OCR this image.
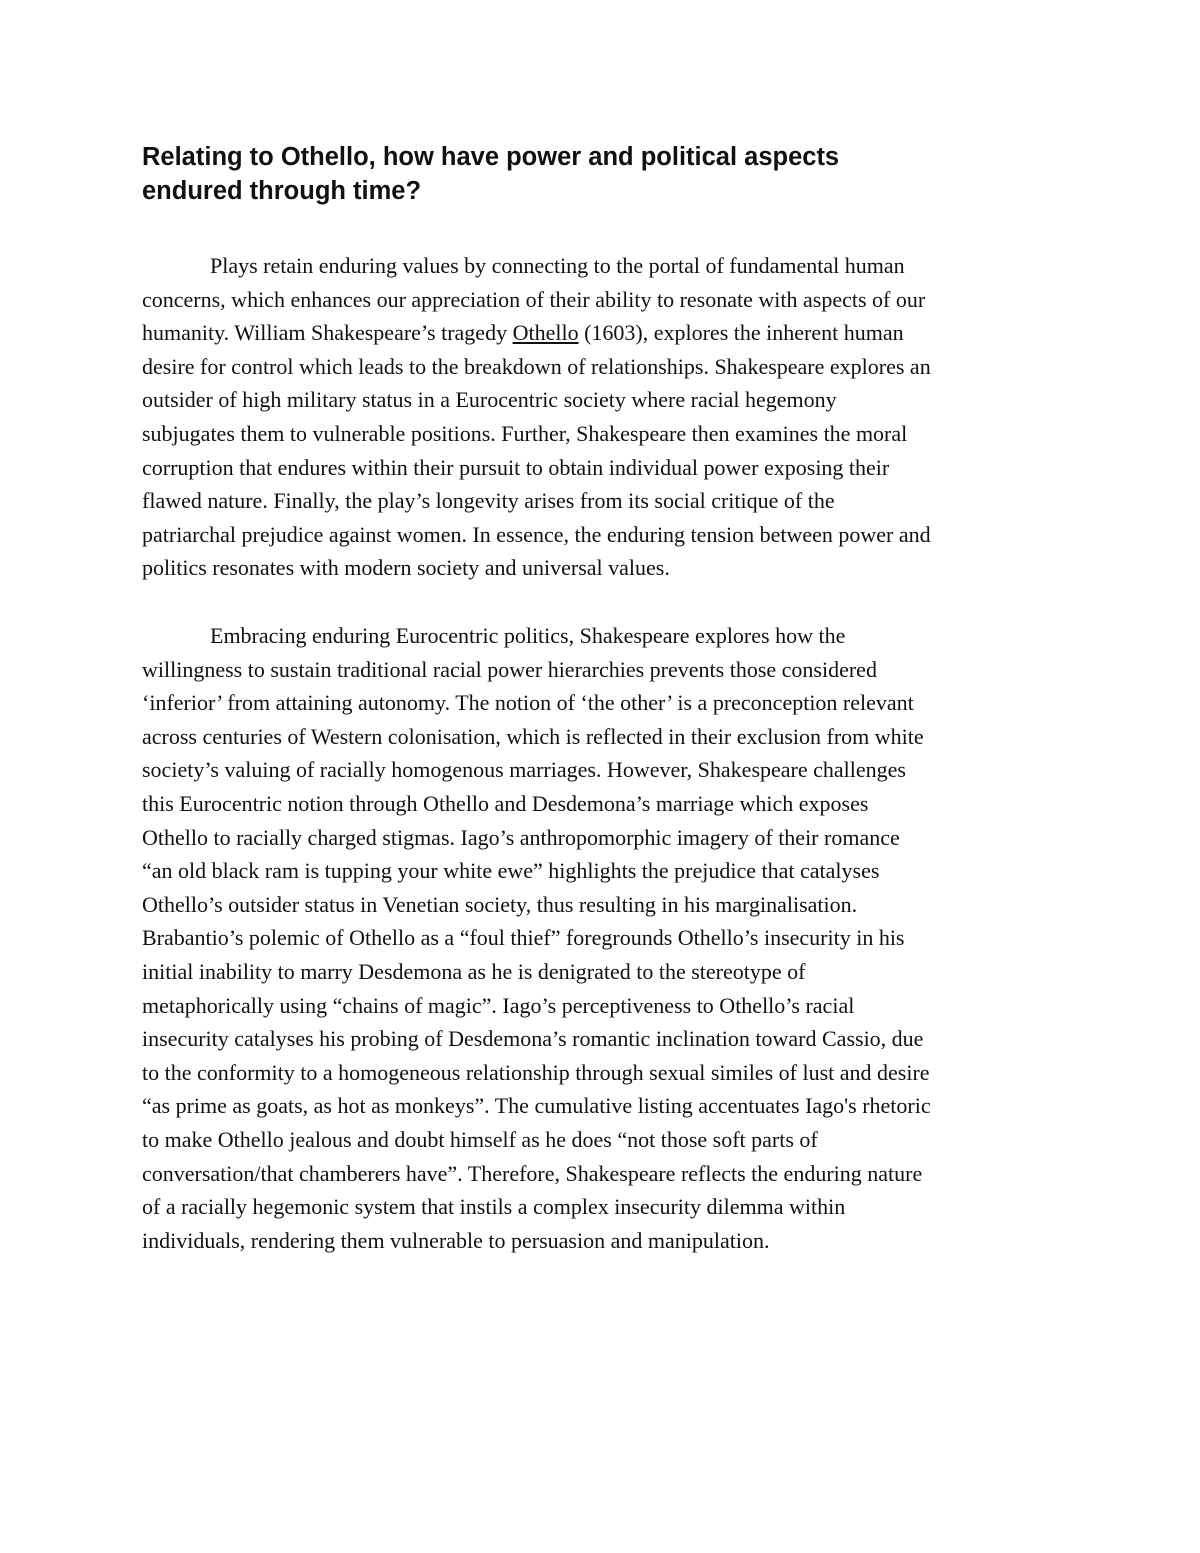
Relating to Othello, how have power and political aspects
endured through time?

Plays retain enduring values by connecting to the portal of fundamental human
concerns, which enhances our appreciation of their ability to resonate with aspects of our
humanity. William Shakespeare’s tragedy Othello (1603), explores the inherent human
desire for control which leads to the breakdown of relationships. Shakespeare explores an
outsider of high military status in a Eurocentric society where racial hegemony
subjugates them to vulnerable positions. Further, Shakespeare then examines the moral
corruption that endures within their pursuit to obtain individual power exposing their
flawed nature. Finally, the play’s longevity arises from its social critique of the
patriarchal prejudice against women. In essence, the enduring tension between power and
politics resonates with modern society and universal values.

Embracing enduring Eurocentric politics, Shakespeare explores how the
willingness to sustain traditional racial power hierarchies prevents those considered
‘inferior’ from attaining autonomy. The notion of ‘the other’ is a preconception relevant
across centuries of Western colonisation, which is reflected in their exclusion from white
society’s valuing of racially homogenous marriages. However, Shakespeare challenges
this Eurocentric notion through Othello and Desdemona’s marriage which exposes
Othello to racially charged stigmas. Iago’s anthropomorphic imagery of their romance
“an old black ram is tupping your white ewe” highlights the prejudice that catalyses
Othello’s outsider status in Venetian society, thus resulting in his marginalisation.
Brabantio’s polemic of Othello as a “foul thief” foregrounds Othello’s insecurity in his
initial inability to marry Desdemona as he is denigrated to the stereotype of
metaphorically using “chains of magic”. Iago’s perceptiveness to Othello’s racial
insecurity catalyses his probing of Desdemona’s romantic inclination toward Cassio, due
to the conformity to a homogeneous relationship through sexual similes of lust and desire
“as prime as goats, as hot as monkeys”. The cumulative listing accentuates Iago's rhetoric
to make Othello jealous and doubt himself as he does “not those soft parts of
conversation/that chamberers have”. Therefore, Shakespeare reflects the enduring nature
of a racially hegemonic system that instils a complex insecurity dilemma within
individuals, rendering them vulnerable to persuasion and manipulation.
